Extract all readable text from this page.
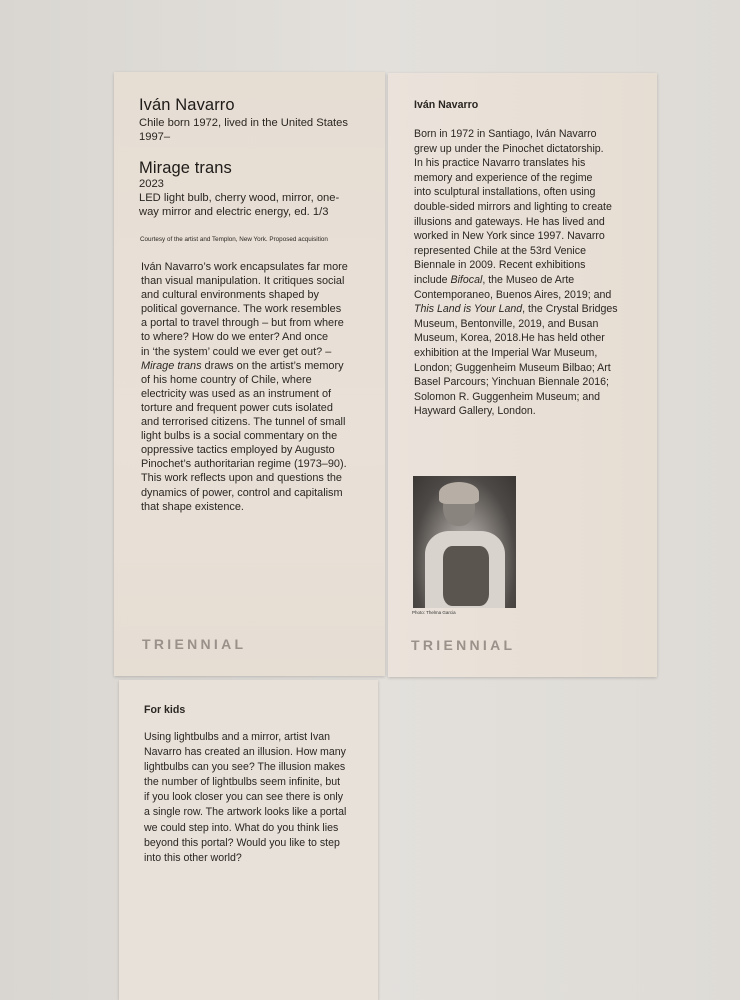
Iván Navarro
Chile born 1972, lived in the United States
1997–
Mirage trans
2023
LED light bulb, cherry wood, mirror, one-
way mirror and electric energy, ed. 1/3
Courtesy of the artist and Templon, New York. Proposed acquisition
Iván Navarro’s work encapsulates far more
than visual manipulation. It critiques social
and cultural environments shaped by
political governance. The work resembles
a portal to travel through – but from where
to where? How do we enter? And once
in ‘the system’ could we ever get out? –
Mirage trans draws on the artist’s memory
of his home country of Chile, where
electricity was used as an instrument of
torture and frequent power cuts isolated
and terrorised citizens. The tunnel of small
light bulbs is a social commentary on the
oppressive tactics employed by Augusto
Pinochet’s authoritarian regime (1973–90).
This work reflects upon and questions the
dynamics of power, control and capitalism
that shape existence.
TRIENNIAL
Iván Navarro
Born in 1972 in Santiago, Iván Navarro
grew up under the Pinochet dictatorship.
In his practice Navarro translates his
memory and experience of the regime
into sculptural installations, often using
double-sided mirrors and lighting to create
illusions and gateways. He has lived and
worked in New York since 1997. Navarro
represented Chile at the 53rd Venice
Biennale in 2009. Recent exhibitions
include Bifocal, the Museo de Arte
Contemporaneo, Buenos Aires, 2019; and
This Land is Your Land, the Crystal Bridges
Museum, Bentonville, 2019, and Busan
Museum, Korea, 2018.He has held other
exhibition at the Imperial War Museum,
London; Guggenheim Museum Bilbao; Art
Basel Parcours; Yinchuan Biennale 2016;
Solomon R. Guggenheim Museum; and
Hayward Gallery, London.
Photo: Thelma Garcia
TRIENNIAL
For kids
Using lightbulbs and a mirror, artist Ivan
Navarro has created an illusion. How many
lightbulbs can you see? The illusion makes
the number of lightbulbs seem infinite, but
if you look closer you can see there is only
a single row. The artwork looks like a portal
we could step into. What do you think lies
beyond this portal? Would you like to step
into this other world?
